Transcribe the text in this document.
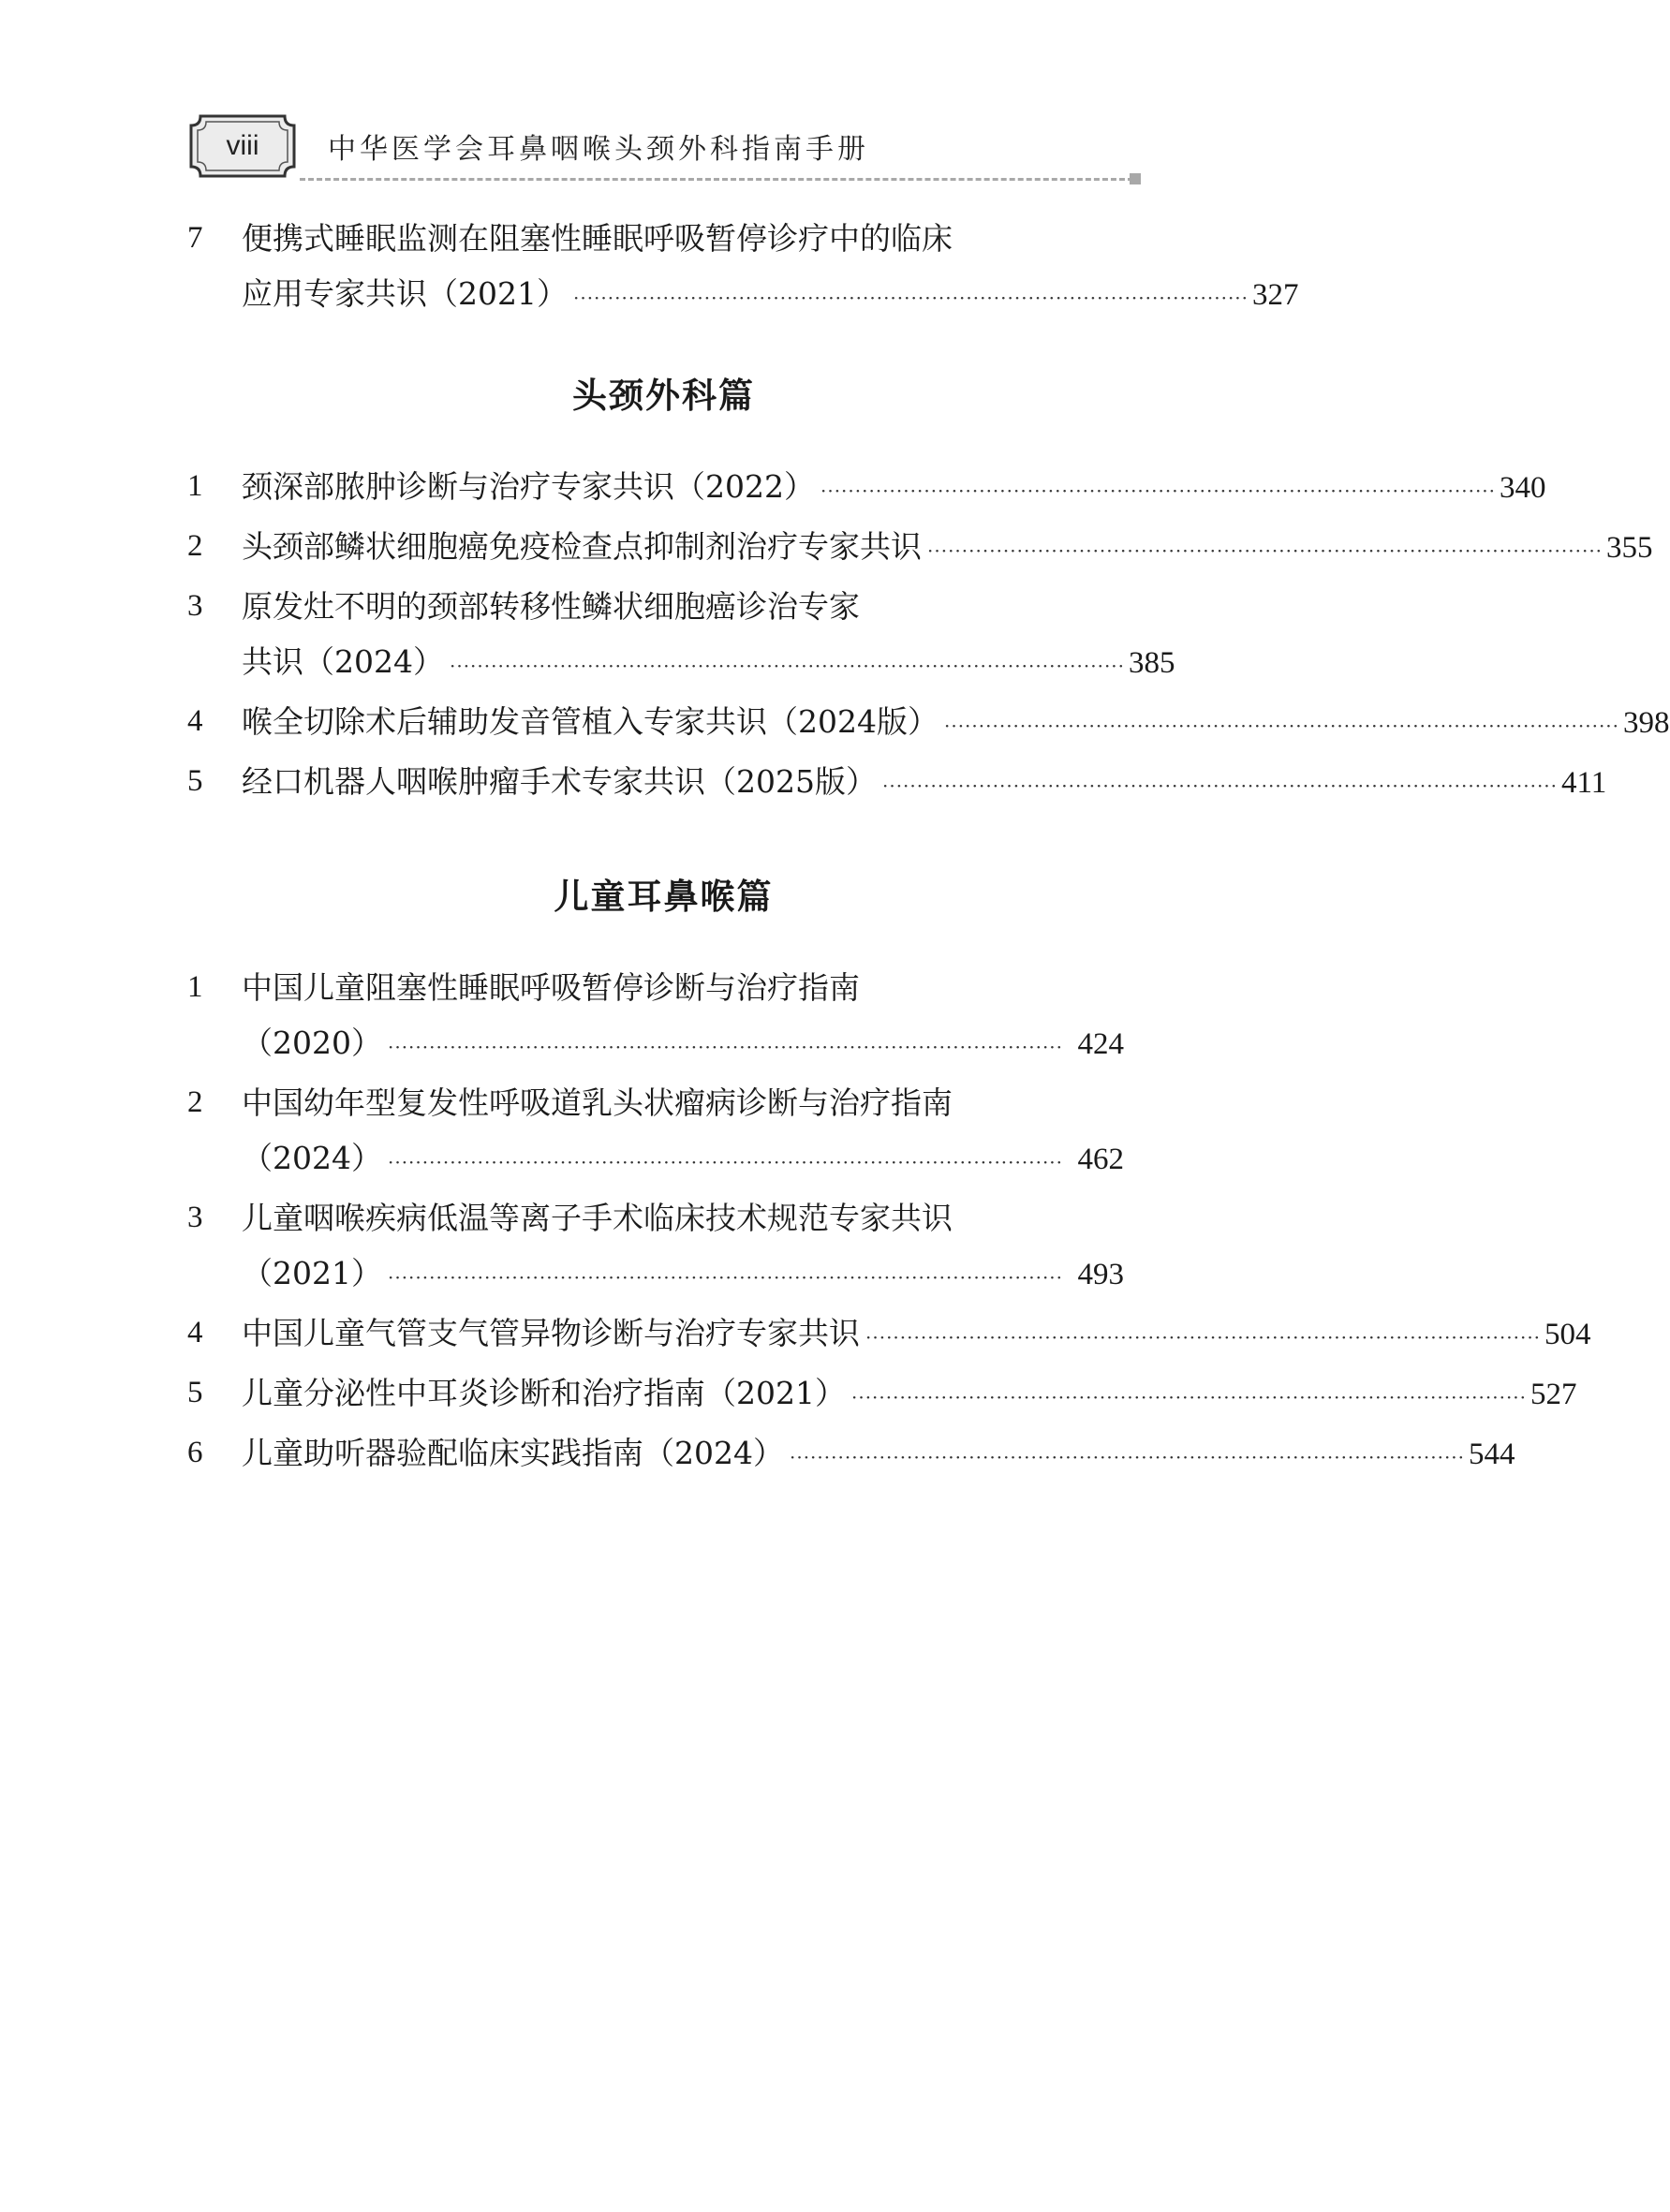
viii	中华医学会耳鼻咽喉头颈外科指南手册
7	便携式睡眠监测在阻塞性睡眠呼吸暂停诊疗中的临床
应用专家共识（2021） ·································································································· 327
头颈外科篇
1	颈深部脓肿诊断与治疗专家共识（2022） ·································································································· 340
2	头颈部鳞状细胞癌免疫检查点抑制剂治疗专家共识 ·································································································· 355
3	原发灶不明的颈部转移性鳞状细胞癌诊治专家
共识（2024） ·································································································· 385
4	喉全切除术后辅助发音管植入专家共识（2024版） ·································································································· 398
5	经口机器人咽喉肿瘤手术专家共识（2025版） ·································································································· 411
儿童耳鼻喉篇
1	中国儿童阻塞性睡眠呼吸暂停诊断与治疗指南
（2020） ·································································································· 424
2	中国幼年型复发性呼吸道乳头状瘤病诊断与治疗指南
（2024） ·································································································· 462
3	儿童咽喉疾病低温等离子手术临床技术规范专家共识
（2021） ·································································································· 493
4	中国儿童气管支气管异物诊断与治疗专家共识 ·································································································· 504
5	儿童分泌性中耳炎诊断和治疗指南（2021） ·································································································· 527
6	儿童助听器验配临床实践指南（2024） ·································································································· 544
